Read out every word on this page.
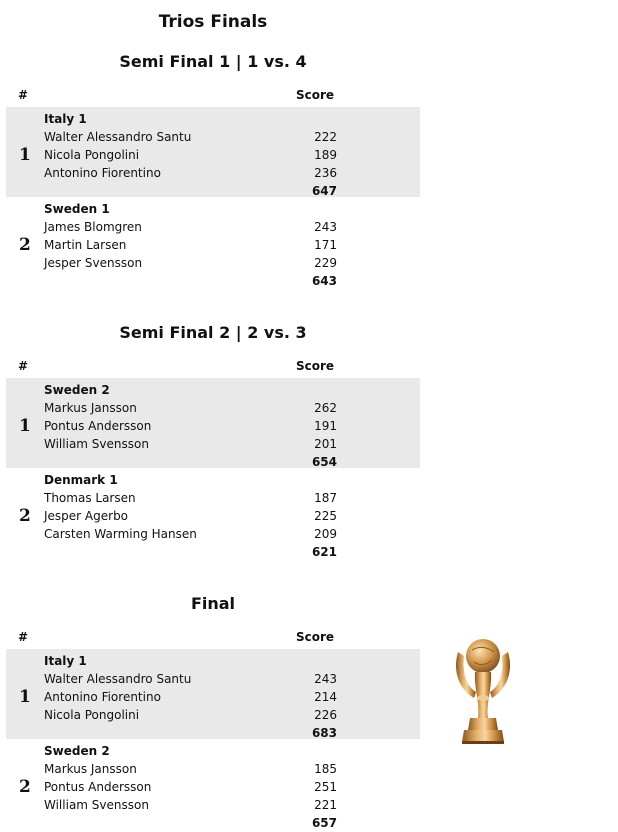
Trios Finals
Semi Final 1 | 1 vs. 4
#	Score
1
Italy 1
Walter Alessandro Santu	222
Nicola Pongolini	189
Antonino Fiorentino	236
647
2
Sweden 1
James Blomgren	243
Martin Larsen	171
Jesper Svensson	229
643
Semi Final 2 | 2 vs. 3
#	Score
1
Sweden 2
Markus Jansson	262
Pontus Andersson	191
William Svensson	201
654
2
Denmark 1
Thomas Larsen	187
Jesper Agerbo	225
Carsten Warming Hansen	209
621
Final
#	Score
1
Italy 1
Walter Alessandro Santu	243
Antonino Fiorentino	214
Nicola Pongolini	226
683
2
Sweden 2
Markus Jansson	185
Pontus Andersson	251
William Svensson	221
657
